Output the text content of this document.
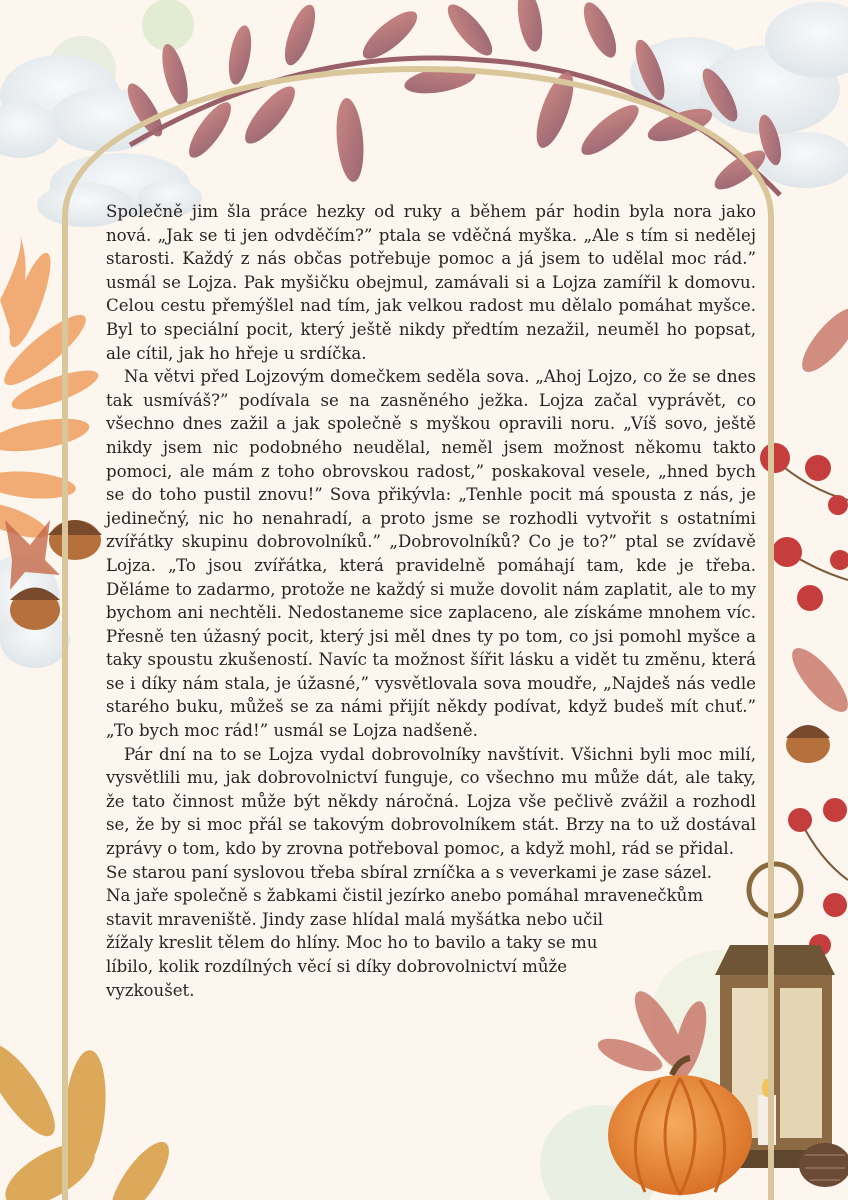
Společně jim šla práce hezky od ruky a během pár hodin byla nora jako nová. „Jak se ti jen odvděčím?” ptala se vděčná myška. „Ale s tím si nedělej starosti. Každý z nás občas potřebuje pomoc a já jsem to udělal moc rád.” usmál se Lojza. Pak myšičku obejmul, zamávali si a Lojza zamířil k domovu. Celou cestu přemýšlel nad tím, jak velkou radost mu dělalo pomáhat myšce. Byl to speciální pocit, který ještě nikdy předtím nezažil, neuměl ho popsat, ale cítil, jak ho hřeje u srdíčka.

Na větvi před Lojzovým domečkem seděla sova. „Ahoj Lojzo, co že se dnes tak usmíváš?” podívala se na zasněného ježka. Lojza začal vyprávět, co všechno dnes zažil a jak společně s myškou opravili noru. „Víš sovo, ještě nikdy jsem nic podobného neudělal, neměl jsem možnost někomu takto pomoci, ale mám z toho obrovskou radost,” poskakoval vesele, „hned bych se do toho pustil znovu!” Sova přikývla: „Tenhle pocit má spousta z nás, je jedinečný, nic ho nenahradí, a proto jsme se rozhodli vytvořit s ostatními zvířátky skupinu dobrovolníků.” „Dobrovolníků? Co je to?” ptal se zvídavě Lojza. „To jsou zvířátka, která pravidelně pomáhají tam, kde je třeba. Děláme to zadarmo, protože ne každý si muže dovolit nám zaplatit, ale to my bychom ani nechtěli. Nedostaneme sice zaplaceno, ale získáme mnohem víc. Přesně ten úžasný pocit, který jsi měl dnes ty po tom, co jsi pomohl myšce a taky spoustu zkušeností. Navíc ta možnost šířit lásku a vidět tu změnu, která se i díky nám stala, je úžasné,” vysvětlovala sova moudře, „Najdeš nás vedle starého buku, můžeš se za námi přijít někdy podívat, když budeš mít chuť.” „To bych moc rád!” usmál se Lojza nadšeně.

Pár dní na to se Lojza vydal dobrovolníky navštívit. Všichni byli moc milí, vysvětlili mu, jak dobrovolnictví funguje, co všechno mu může dát, ale taky, že tato činnost může být někdy náročná. Lojza vše pečlivě zvážil a rozhodl se, že by si moc přál se takovým dobrovolníkem stát. Brzy na to už dostával zprávy o tom, kdo by zrovna potřeboval pomoc, a když mohl, rád se přidal.

Se starou paní syslovou třeba sbíral zrníčka a s veverkami je zase sázel.
Na jaře společně s žabkami čistil jezírko anebo pomáhal mravenečkům
stavit mraveniště. Jindy zase hlídal malá myšátka nebo učil
žížaly kreslit tělem do hlíny. Moc ho to bavilo a taky se mu
líbilo, kolik rozdílných věcí si díky dobrovolnictví může
vyzkoušet.
